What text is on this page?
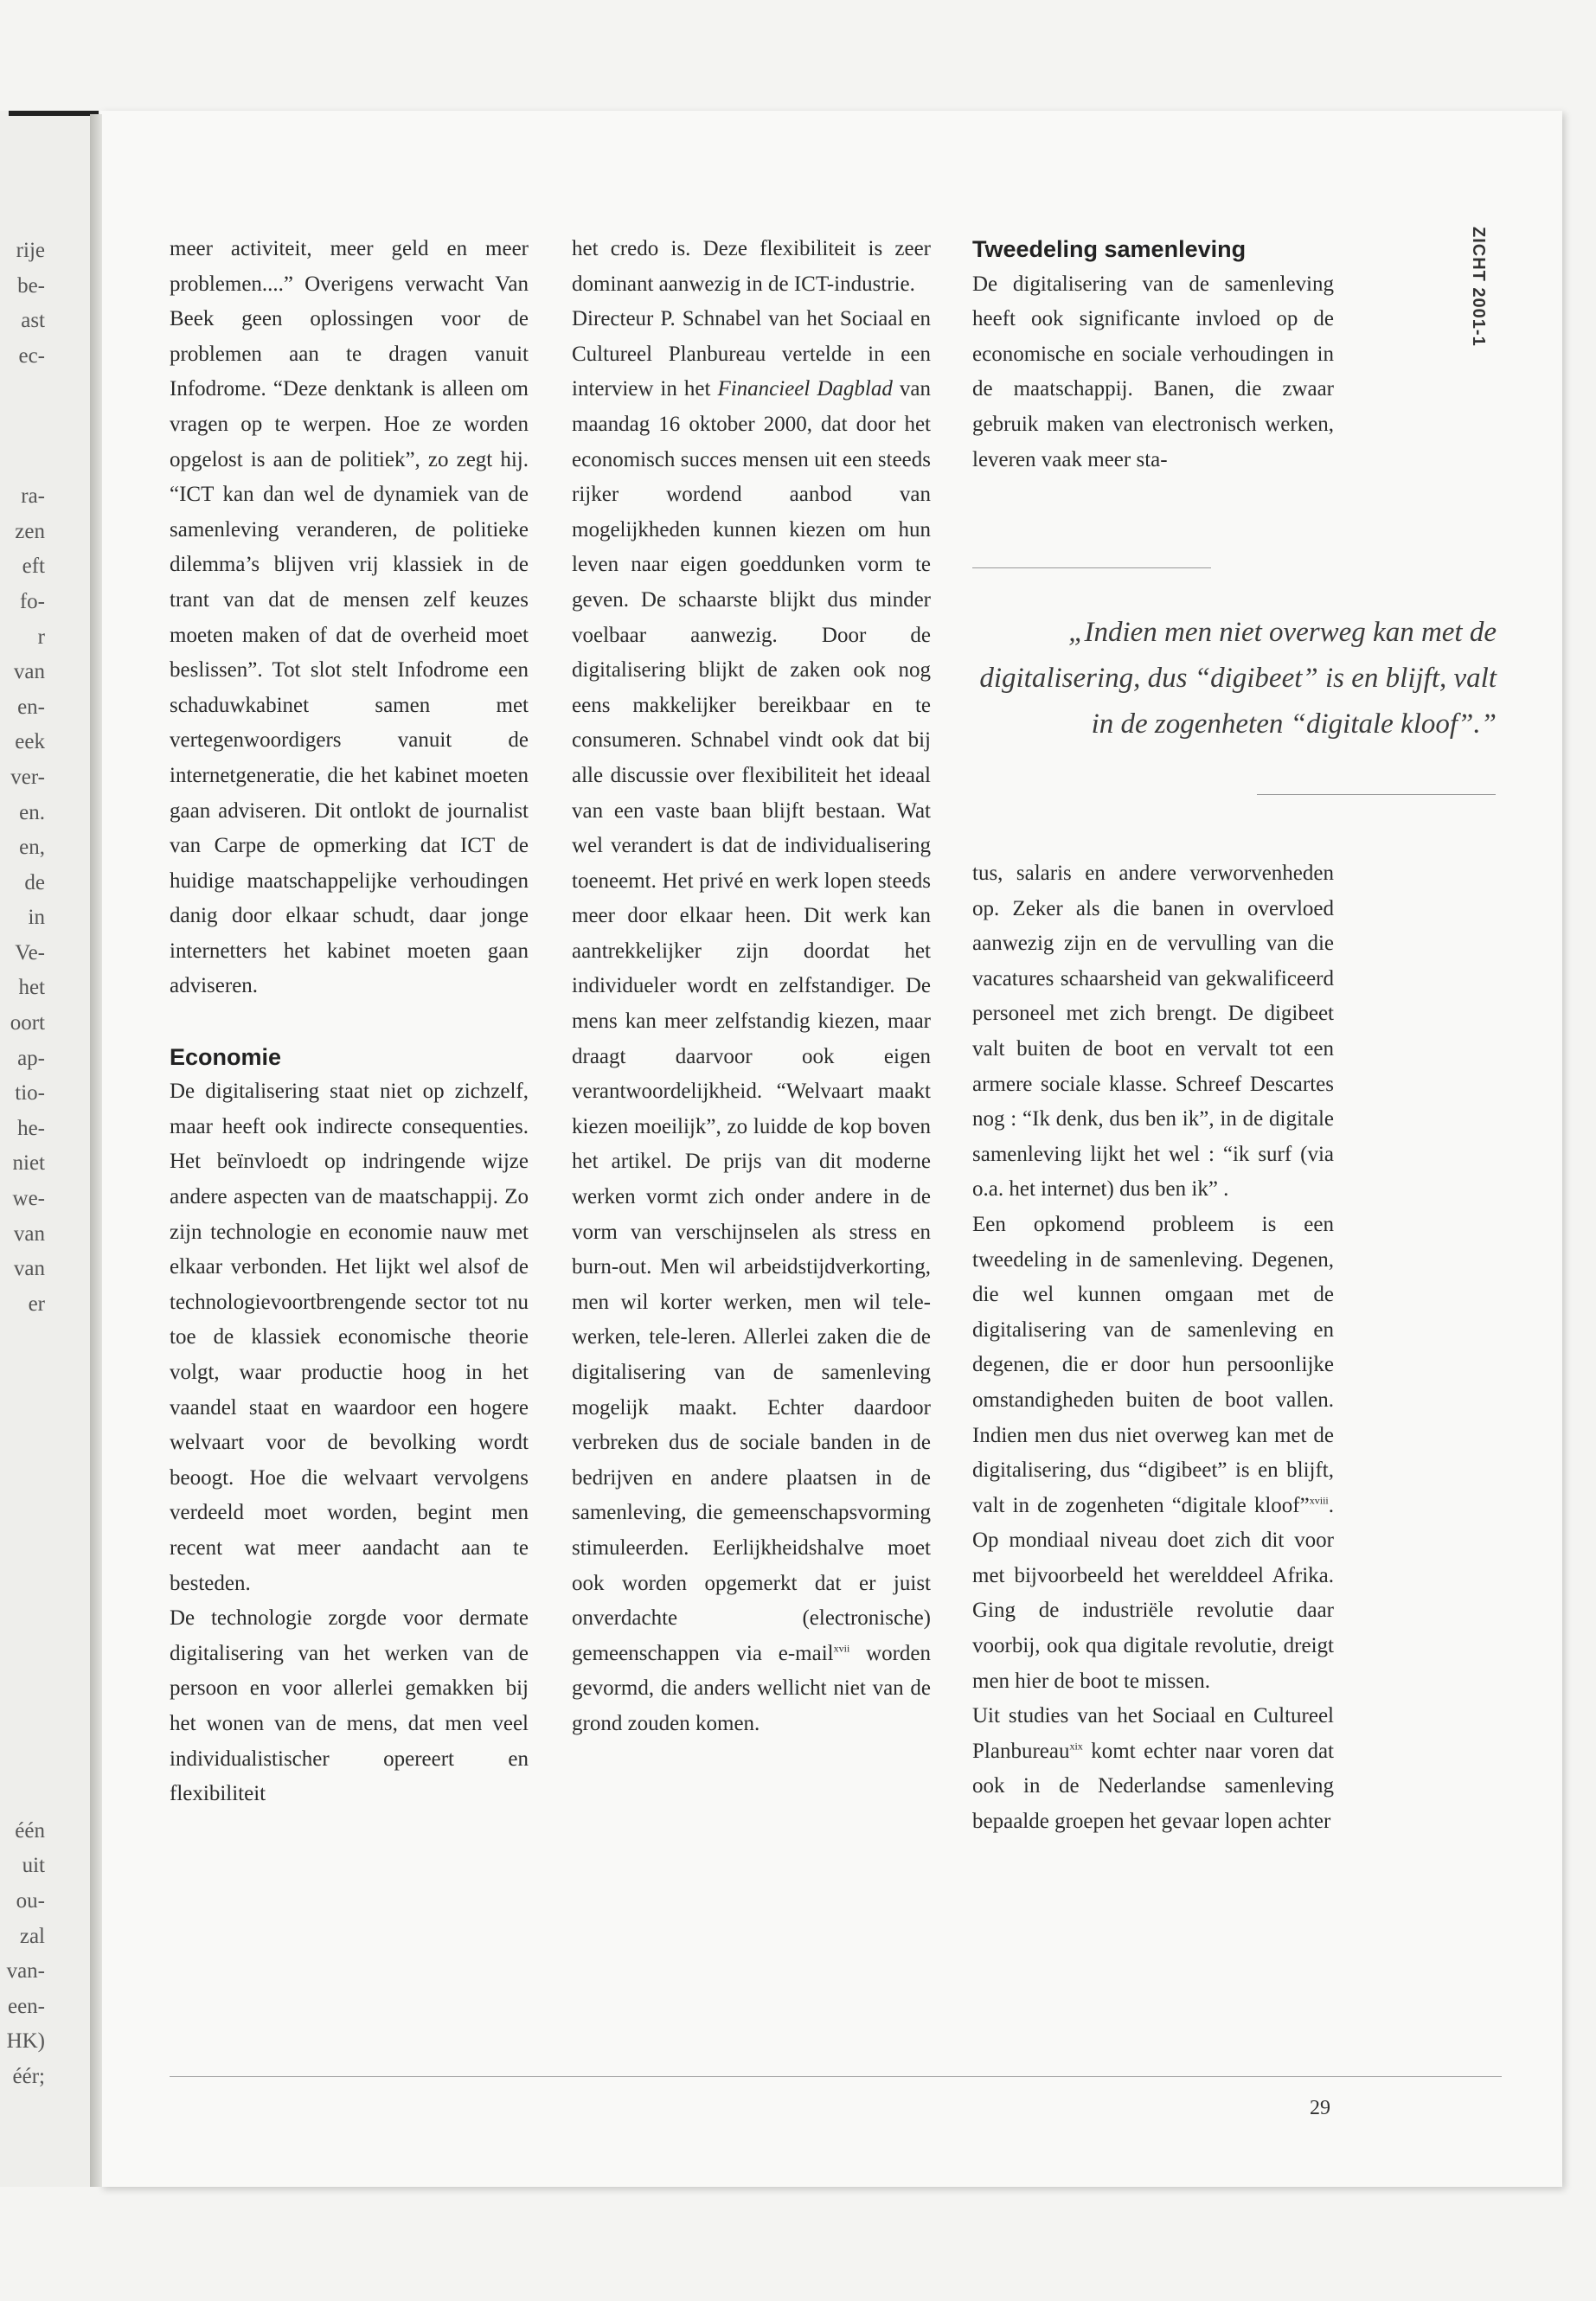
rije
be-
ast
ec-
ra-
zen
eft
fo-
r
van
en-
eek
ver-
en.
en,
de
in
Ve-
het
oort
ap-
tio-
he-
niet
we-
van
van
er
één
uit
ou-
zal
van-
een-
HK)
éér;
ZICHT 2001-1

meer activiteit, meer geld en meer problemen....” Overigens verwacht Van Beek geen oplossingen voor de problemen aan te dragen vanuit Infodrome. “Deze denktank is alleen om vragen op te werpen. Hoe ze worden opgelost is aan de politiek”, zo zegt hij. “ICT kan dan wel de dynamiek van de samenleving veranderen, de politieke dilemma’s blijven vrij klassiek in de trant van dat de mensen zelf keuzes moeten maken of dat de overheid moet beslissen”. Tot slot stelt Infodrome een schaduwkabinet samen met vertegenwoordigers vanuit de internetgeneratie, die het kabinet moeten gaan adviseren. Dit ontlokt de journalist van Carpe de opmerking dat ICT de huidige maatschappelijke verhoudingen danig door elkaar schudt, daar jonge internetters het kabinet moeten gaan adviseren.

Economie

De digitalisering staat niet op zichzelf, maar heeft ook indirecte consequenties. Het beïnvloedt op indringende wijze andere aspecten van de maatschappij. Zo zijn technologie en economie nauw met elkaar verbonden. Het lijkt wel alsof de technologievoortbrengende sector tot nu toe de klassiek economische theorie volgt, waar productie hoog in het vaandel staat en waardoor een hogere welvaart voor de bevolking wordt beoogt. Hoe die welvaart vervolgens verdeeld moet worden, begint men recent wat meer aandacht aan te besteden.

De technologie zorgde voor dermate digitalisering van het werken van de persoon en voor allerlei gemakken bij het wonen van de mens, dat men veel individualistischer opereert en flexibiliteit

het credo is. Deze flexibiliteit is zeer dominant aanwezig in de ICT-industrie.

Directeur P. Schnabel van het Sociaal en Cultureel Planbureau vertelde in een interview in het Financieel Dagblad van maandag 16 oktober 2000, dat door het economisch succes mensen uit een steeds rijker wordend aanbod van mogelijkheden kunnen kiezen om hun leven naar eigen goeddunken vorm te geven. De schaarste blijkt dus minder voelbaar aanwezig. Door de digitalisering blijkt de zaken ook nog eens makkelijker bereikbaar en te consumeren. Schnabel vindt ook dat bij alle discussie over flexibiliteit het ideaal van een vaste baan blijft bestaan. Wat wel verandert is dat de individualisering toeneemt. Het privé en werk lopen steeds meer door elkaar heen. Dit werk kan aantrekkelijker zijn doordat het individueler wordt en zelfstandiger. De mens kan meer zelfstandig kiezen, maar draagt daarvoor ook eigen verantwoordelijkheid. “Welvaart maakt kiezen moeilijk”, zo luidde de kop boven het artikel. De prijs van dit moderne werken vormt zich onder andere in de vorm van verschijnselen als stress en burn-out. Men wil arbeidstijdverkorting, men wil korter werken, men wil tele-werken, tele-leren. Allerlei zaken die de digitalisering van de samenleving mogelijk maakt. Echter daardoor verbreken dus de sociale banden in de bedrijven en andere plaatsen in de samenleving, die gemeenschapsvorming stimuleerden. Eerlijkheidshalve moet ook worden opgemerkt dat er juist onverdachte (electronische) gemeenschappen via e-mail$^{xvii}$ worden gevormd, die anders wellicht niet van de grond zouden komen.

Tweedeling samenleving

De digitalisering van de samenleving heeft ook significante invloed op de economische en sociale verhoudingen in de maatschappij. Banen, die zwaar gebruik maken van electronisch werken, leveren vaak meer sta-

„Indien men niet overweg kan met de digitalisering, dus “digibeet” is en blijft, valt in de zogenheten “digitale kloof”.”

tus, salaris en andere verworvenheden op. Zeker als die banen in overvloed aanwezig zijn en de vervulling van die vacatures schaarsheid van gekwalificeerd personeel met zich brengt. De digibeet valt buiten de boot en vervalt tot een armere sociale klasse. Schreef Descartes nog : “Ik denk, dus ben ik”, in de digitale samenleving lijkt het wel : “ik surf (via o.a. het internet) dus ben ik” .

Een opkomend probleem is een tweedeling in de samenleving. Degenen, die wel kunnen omgaan met de digitalisering van de samenleving en degenen, die er door hun persoonlijke omstandigheden buiten de boot vallen. Indien men dus niet overweg kan met de digitalisering, dus “digibeet” is en blijft, valt in de zogenheten “digitale kloof”$^{xviii}$. Op mondiaal niveau doet zich dit voor met bijvoorbeeld het werelddeel Afrika. Ging de industriële revolutie daar voorbij, ook qua digitale revolutie, dreigt men hier de boot te missen.

Uit studies van het Sociaal en Cultureel Planbureau$^{xix}$ komt echter naar voren dat ook in de Nederlandse samenleving bepaalde groepen het gevaar lopen achter

29
